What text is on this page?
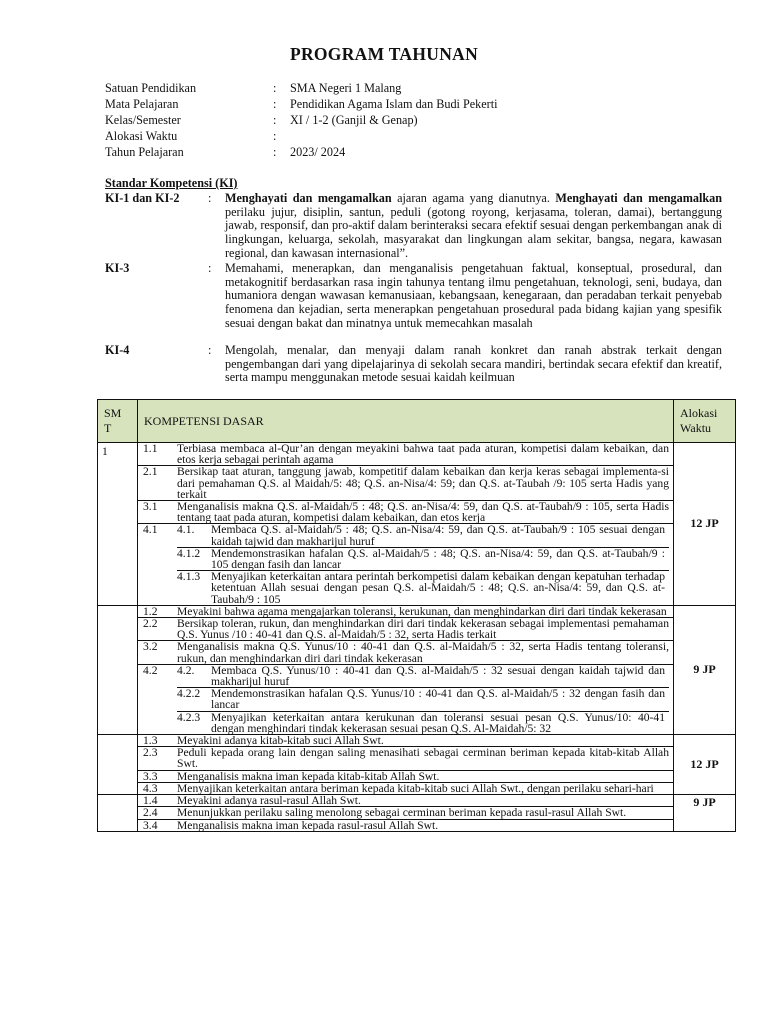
PROGRAM TAHUNAN
Satuan Pendidikan	: SMA Negeri 1 Malang
Mata Pelajaran	: Pendidikan Agama Islam dan Budi Pekerti
Kelas/Semester	: XI / 1-2 (Ganjil & Genap)
Alokasi Waktu	:
Tahun Pelajaran	: 2023/ 2024
Standar Kompetensi (KI)
KI-1 dan KI-2 : Menghayati dan mengamalkan ajaran agama yang dianutnya. Menghayati dan mengamalkan perilaku jujur, disiplin, santun, peduli (gotong royong, kerjasama, toleran, damai), bertanggung jawab, responsif, dan pro-aktif dalam berinteraksi secara efektif sesuai dengan perkembangan anak di lingkungan, keluarga, sekolah, masyarakat dan lingkungan alam sekitar, bangsa, negara, kawasan regional, dan kawasan internasional”.
KI-3	: Memahami, menerapkan, dan menganalisis pengetahuan faktual, konseptual, prosedural, dan metakognitif berdasarkan rasa ingin tahunya tentang ilmu pengetahuan, teknologi, seni, budaya, dan humaniora dengan wawasan kemanusiaan, kebangsaan, kenegaraan, dan peradaban terkait penyebab fenomena dan kejadian, serta menerapkan pengetahuan prosedural pada bidang kajian yang spesifik sesuai dengan bakat dan minatnya untuk memecahkan masalah
KI-4	: Mengolah, menalar, dan menyaji dalam ranah konkret dan ranah abstrak terkait dengan pengembangan dari yang dipelajarinya di sekolah secara mandiri, bertindak secara efektif dan kreatif, serta mampu menggunakan metode sesuai kaidah keilmuan
SM T	KOMPETENSI DASAR	Alokasi Waktu
1		1.1	Terbiasa membaca al-Qur’an dengan meyakini bahwa taat pada aturan, kompetisi dalam kebaikan, dan etos kerja sebagai perintah agama
2.1	Bersikap taat aturan, tanggung jawab, kompetitif dalam kebaikan dan kerja keras sebagai implementa-si dari pemahaman Q.S. al Maidah/5: 48; Q.S. an-Nisa/4: 59; dan Q.S. at-Taubah /9: 105 serta Hadis yang terkait
3.1	Menganalisis makna Q.S. al-Maidah/5 : 48; Q.S. an-Nisa/4: 59, dan Q.S. at-Taubah/9 : 105, serta Hadis tentang taat pada aturan, kompetisi dalam kebaikan, dan etos kerja
4.1	4.1.	Membaca Q.S. al-Maidah/5 : 48; Q.S. an-Nisa/4: 59, dan Q.S. at-Taubah/9 : 105 sesuai dengan kaidah tajwid dan makharijul huruf
4.1.2	Mendemonstrasikan hafalan Q.S. al-Maidah/5 : 48; Q.S. an-Nisa/4: 59, dan Q.S. at-Taubah/9 : 105 dengan fasih dan lancar
4.1.3	Menyajikan keterkaitan antara perintah berkompetisi dalam kebaikan dengan kepatuhan terhadap ketentuan Allah sesuai dengan pesan Q.S. al-Maidah/5 : 48; Q.S. an-Nisa/4: 59, dan Q.S. at-Taubah/9 : 105
	12 JP

1.2	Meyakini bahwa agama mengajarkan toleransi, kerukunan, dan menghindarkan diri dari tindak kekerasan
2.2	Bersikap toleran, rukun, dan menghindarkan diri dari tindak kekerasan sebagai implementasi pemahaman Q.S. Yunus /10 : 40-41 dan Q.S. al-Maidah/5 : 32, serta Hadis terkait
3.2	Menganalisis makna Q.S. Yunus/10 : 40-41 dan Q.S. al-Maidah/5 : 32, serta Hadis tentang toleransi, rukun, dan menghindarkan diri dari tindak kekerasan
4.2	4.2.	Membaca Q.S. Yunus/10 : 40-41 dan Q.S. al-Maidah/5 : 32 sesuai dengan kaidah tajwid dan makharijul huruf
4.2.2	Mendemonstrasikan hafalan Q.S. Yunus/10 : 40-41 dan Q.S. al-Maidah/5 : 32 dengan fasih dan lancar
4.2.3	Menyajikan keterkaitan antara kerukunan dan toleransi sesuai pesan Q.S. Yunus/10: 40-41 dengan menghindari tindak kekerasan sesuai pesan Q.S. Al-Maidah/5: 32
	9 JP

1.3	Meyakini adanya kitab-kitab suci Allah Swt.
2.3	Peduli kepada orang lain dengan saling menasihati sebagai cerminan beriman kepada kitab-kitab Allah Swt.
3.3	Menganalisis makna iman kepada kitab-kitab Allah Swt.
4.3	Menyajikan keterkaitan antara beriman kepada kitab-kitab suci Allah Swt., dengan perilaku sehari-hari
	12 JP

1.4	Meyakini adanya rasul-rasul Allah Swt.
2.4	Menunjukkan perilaku saling menolong sebagai cerminan beriman kepada rasul-rasul Allah Swt.
3.4	Menganalisis makna iman kepada rasul-rasul Allah Swt.
	9 JP
